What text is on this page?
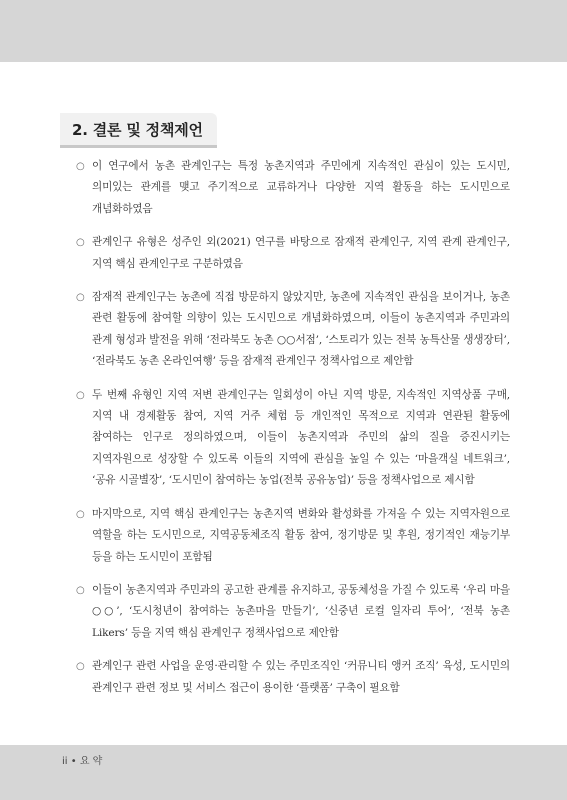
2. 결론 및 정책제언
○ 이 연구에서 농촌 관계인구는 특정 농촌지역과 주민에게 지속적인 관심이 있는 도시민, 의미있는 관계를 맺고 주기적으로 교류하거나 다양한 지역 활동을 하는 도시민으로 개념화하였음
○ 관계인구 유형은 성주인 외(2021) 연구를 바탕으로 잠재적 관계인구, 지역 관계 관계인구, 지역 핵심 관계인구로 구분하였음
○ 잠재적 관계인구는 농촌에 직접 방문하지 않았지만, 농촌에 지속적인 관심을 보이거나, 농촌 관련 활동에 참여할 의향이 있는 도시민으로 개념화하였으며, 이들이 농촌지역과 주민과의 관계 형성과 발전을 위해 ‘전라북도 농촌 ○○서점’, ‘스토리가 있는 전북 농특산물 생생장터’, ‘전라북도 농촌 온라인여행’ 등을 잠재적 관계인구 정책사업으로 제안함
○ 두 번째 유형인 지역 저변 관계인구는 일회성이 아닌 지역 방문, 지속적인 지역상품 구매, 지역 내 경제활동 참여, 지역 거주 체험 등 개인적인 목적으로 지역과 연관된 활동에 참여하는 인구로 정의하였으며, 이들이 농촌지역과 주민의 삶의 질을 증진시키는 지역자원으로 성장할 수 있도록 이들의 지역에 관심을 높일 수 있는 ‘마을객실 네트워크’, ‘공유 시골별장’, ‘도시민이 참여하는 농업(전북 공유농업)’ 등을 정책사업으로 제시함
○ 마지막으로, 지역 핵심 관계인구는 농촌지역 변화와 활성화를 가져올 수 있는 지역자원으로 역할을 하는 도시민으로, 지역공동체조직 활동 참여, 정기방문 및 후원, 정기적인 재능기부 등을 하는 도시민이 포함됨
○ 이들이 농촌지역과 주민과의 공고한 관계를 유지하고, 공동체성을 가질 수 있도록 ‘우리 마을 ○○’, ‘도시청년이 참여하는 농촌마을 만들기’, ‘신중년 로컬 일자리 투어’, ‘전북 농촌 Likers’ 등을 지역 핵심 관계인구 정책사업으로 제안함
○ 관계인구 관련 사업을 운영·관리할 수 있는 주민조직인 ‘커뮤니티 앵커 조직’ 육성, 도시민의 관계인구 관련 정보 및 서비스 접근이 용이한 ‘플랫폼’ 구축이 필요함
ii • 요 약
